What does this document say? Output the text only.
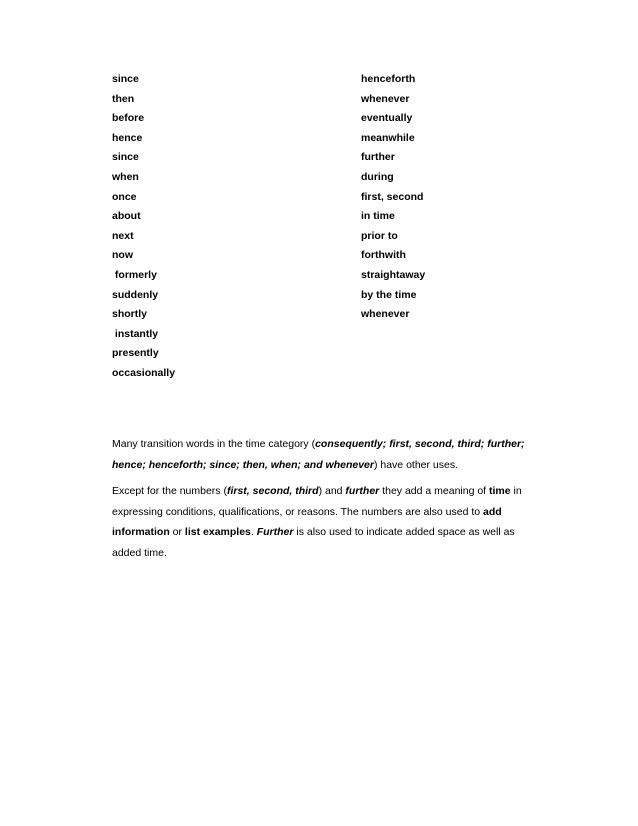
since
then
before
hence
since
when
once
about
next
now
formerly
suddenly
shortly
instantly
presently
occasionally
henceforth
whenever
eventually
meanwhile
further
during
first, second
in time
prior to
forthwith
straightaway
by the time
whenever

Many transition words in the time category (consequently; first, second, third; further; hence; henceforth; since; then, when; and whenever) have other uses.

Except for the numbers (first, second, third) and further they add a meaning of time in expressing conditions, qualifications, or reasons. The numbers are also used to add information or list examples. Further is also used to indicate added space as well as added time.
